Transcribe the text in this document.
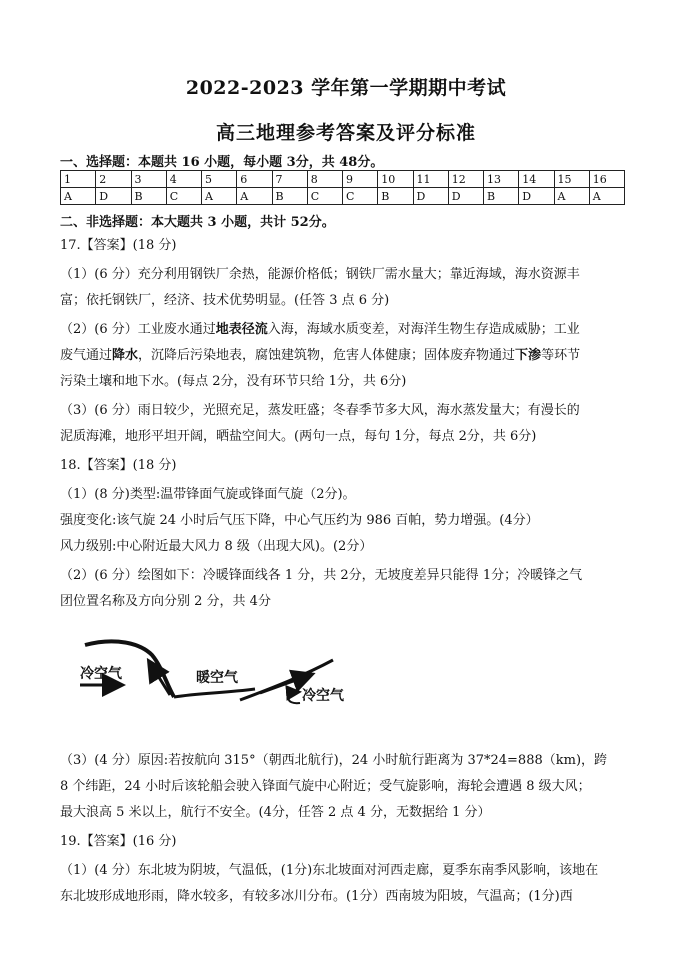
2022-2023 学年第一学期期中考试
高三地理参考答案及评分标准
一、选择题：本题共 16 小题，每小题 3分，共 48分。
1	2	3	4	5	6	7	8	9	10	11	12	13	14	15	16
A	D	B	C	A	A	B	C	C	B	D	D	B	D	A	A
二、非选择题：本大题共 3 小题，共计 52分。
17.【答案】(18 分)
（1）(6 分）充分利用钢铁厂余热，能源价格低；钢铁厂需水量大；靠近海域，海水资源丰
富；依托钢铁厂，经济、技术优势明显。(任答 3 点 6 分)
（2）(6 分）工业废水通过地表径流入海，海域水质变差，对海洋生物生存造成威胁；工业
废气通过降水，沉降后污染地表，腐蚀建筑物，危害人体健康；固体废弃物通过下渗等环节
污染土壤和地下水。(每点 2分，没有环节只给 1分，共 6分)
（3）(6 分）雨日较少，光照充足，蒸发旺盛；冬春季节多大风，海水蒸发量大；有漫长的
泥质海滩，地形平坦开阔，晒盐空间大。(两句一点，每句 1分，每点 2分，共 6分)
18.【答案】(18 分)
（1）(8 分)类型:温带锋面气旋或锋面气旋（2分)。
强度变化:该气旋 24 小时后气压下降，中心气压约为 986 百帕，势力增强。(4分）
风力级别:中心附近最大风力 8 级（出现大风)。(2分）
（2）(6 分）绘图如下：冷暖锋面线各 1 分，共 2分，无坡度差异只能得 1分；冷暖锋之气
团位置名称及方向分别 2 分，共 4分
冷空气	暖空气
冷空气
（3）(4 分）原因:若按航向 315°（朝西北航行)，24 小时航行距离为 37*24=888（km)，跨
8 个纬距，24 小时后该轮船会驶入锋面气旋中心附近；受气旋影响，海轮会遭遇 8 级大风；
最大浪高 5 米以上，航行不安全。(4分，任答 2 点 4 分，无数据给 1 分）
19.【答案】(16 分)
（1）(4 分）东北坡为阴坡，气温低，(1分)东北坡面对河西走廊，夏季东南季风影响，该地在
东北坡形成地形雨，降水较多，有较多冰川分布。(1分）西南坡为阳坡，气温高；(1分)西
